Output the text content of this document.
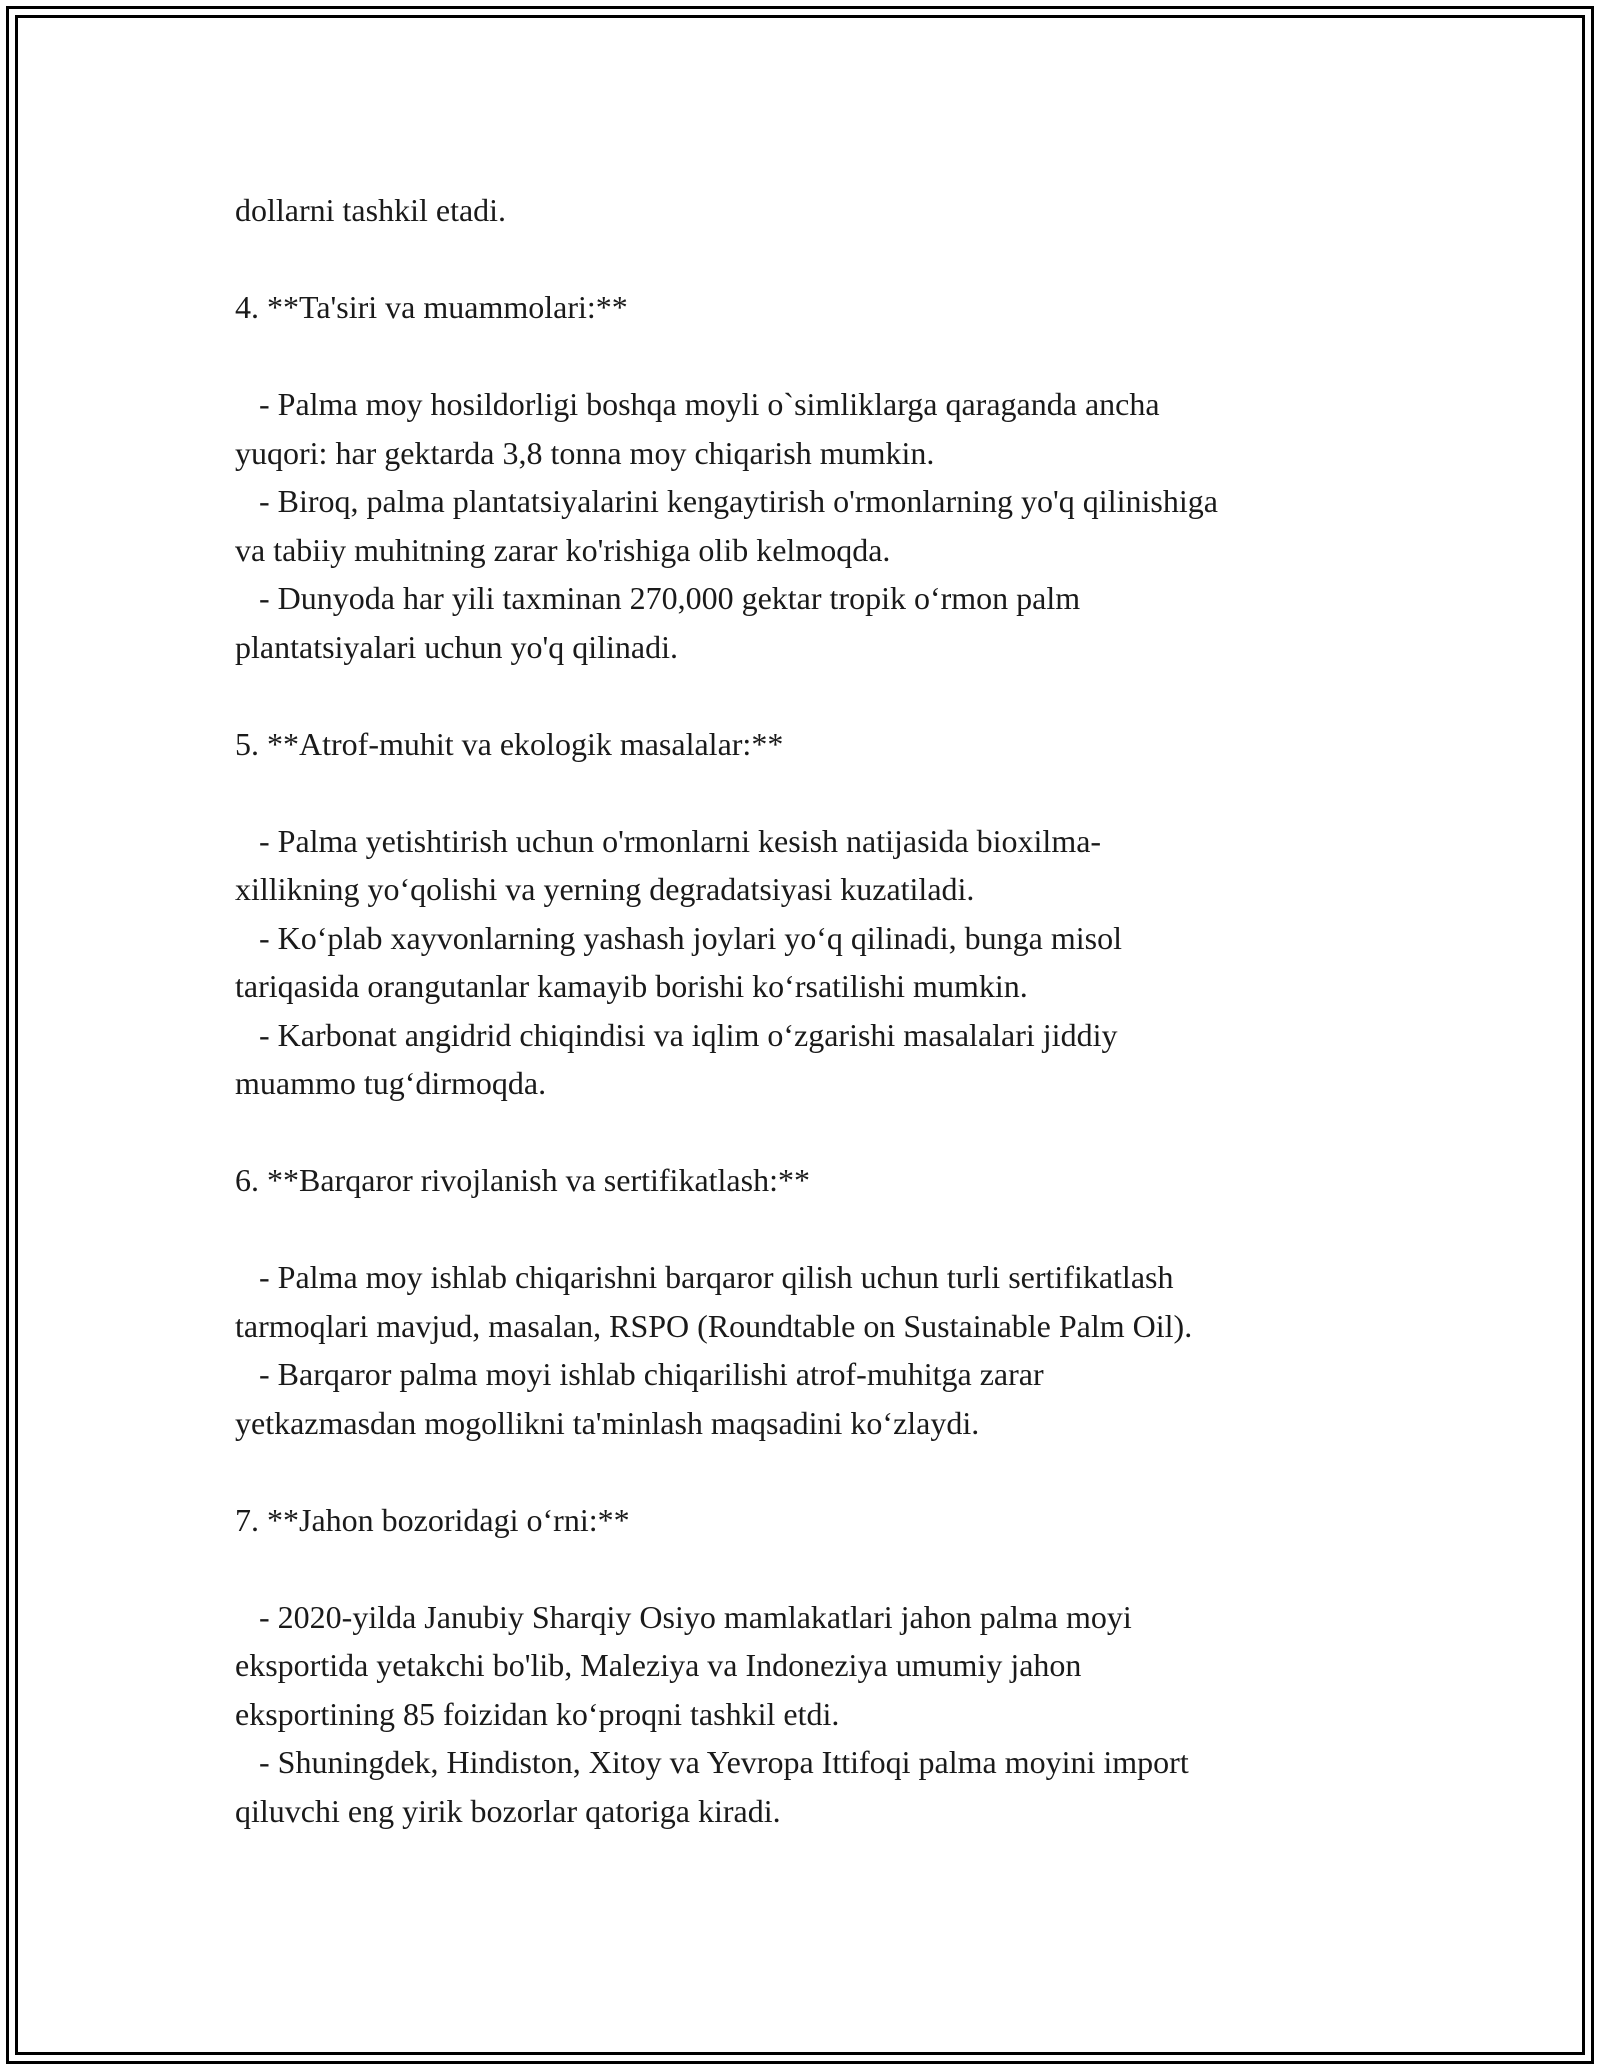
dollarni tashkil etadi.

4. **Ta'siri va muammolari:**

- Palma moy hosildorligi boshqa moyli o`simliklarga qaraganda ancha

yuqori: har gektarda 3,8 tonna moy chiqarish mumkin.

- Biroq, palma plantatsiyalarini kengaytirish o'rmonlarning yo'q qilinishiga

va tabiiy muhitning zarar ko'rishiga olib kelmoqda.

- Dunyoda har yili taxminan 270,000 gektar tropik o‘rmon palm

plantatsiyalari uchun yo'q qilinadi.

5. **Atrof-muhit va ekologik masalalar:**

- Palma yetishtirish uchun o'rmonlarni kesish natijasida bioxilma-

xillikning yo‘qolishi va yerning degradatsiyasi kuzatiladi.

- Ko‘plab xayvonlarning yashash joylari yo‘q qilinadi, bunga misol

tariqasida orangutanlar kamayib borishi ko‘rsatilishi mumkin.

- Karbonat angidrid chiqindisi va iqlim o‘zgarishi masalalari jiddiy

muammo tug‘dirmoqda.

6. **Barqaror rivojlanish va sertifikatlash:**

- Palma moy ishlab chiqarishni barqaror qilish uchun turli sertifikatlash

tarmoqlari mavjud, masalan, RSPO (Roundtable on Sustainable Palm Oil).

- Barqaror palma moyi ishlab chiqarilishi atrof-muhitga zarar

yetkazmasdan mogollikni ta'minlash maqsadini ko‘zlaydi.

7. **Jahon bozoridagi o‘rni:**

- 2020-yilda Janubiy Sharqiy Osiyo mamlakatlari jahon palma moyi

eksportida yetakchi bo'lib, Maleziya va Indoneziya umumiy jahon

eksportining 85 foizidan ko‘proqni tashkil etdi.

- Shuningdek, Hindiston, Xitoy va Yevropa Ittifoqi palma moyini import

qiluvchi eng yirik bozorlar qatoriga kiradi.
